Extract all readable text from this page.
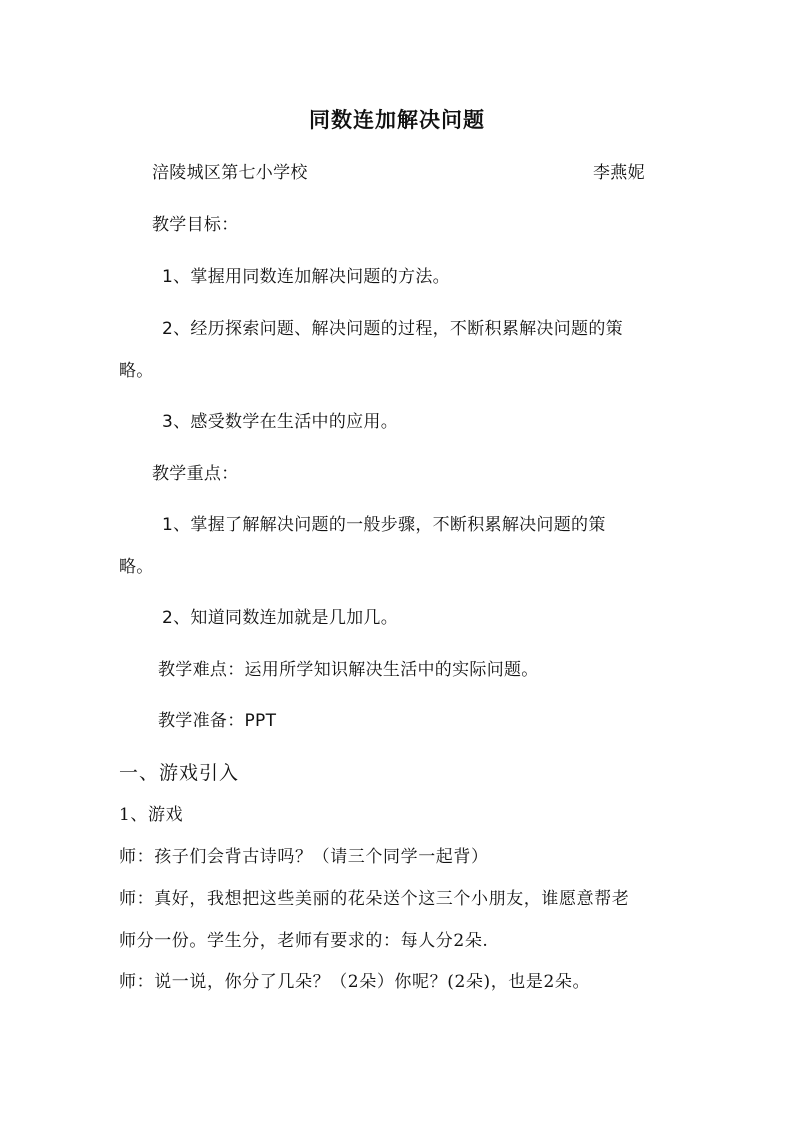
同数连加解决问题
涪陵城区第七小学校	李燕妮
教学目标：
1、掌握用同数连加解决问题的方法。
2、经历探索问题、解决问题的过程，不断积累解决问题的策
略。
3、感受数学在生活中的应用。
教学重点：
1、掌握了解解决问题的一般步骤，不断积累解决问题的策
略。
2、知道同数连加就是几加几。
教学难点：运用所学知识解决生活中的实际问题。
教学准备：PPT
一、游戏引入
1、游戏
师：孩子们会背古诗吗？（请三个同学一起背）
师：真好，我想把这些美丽的花朵送个这三个小朋友，谁愿意帮老
师分一份。学生分，老师有要求的：每人分2朵.
师：说一说，你分了几朵？（2朵）你呢？(2朵)，也是2朵。
